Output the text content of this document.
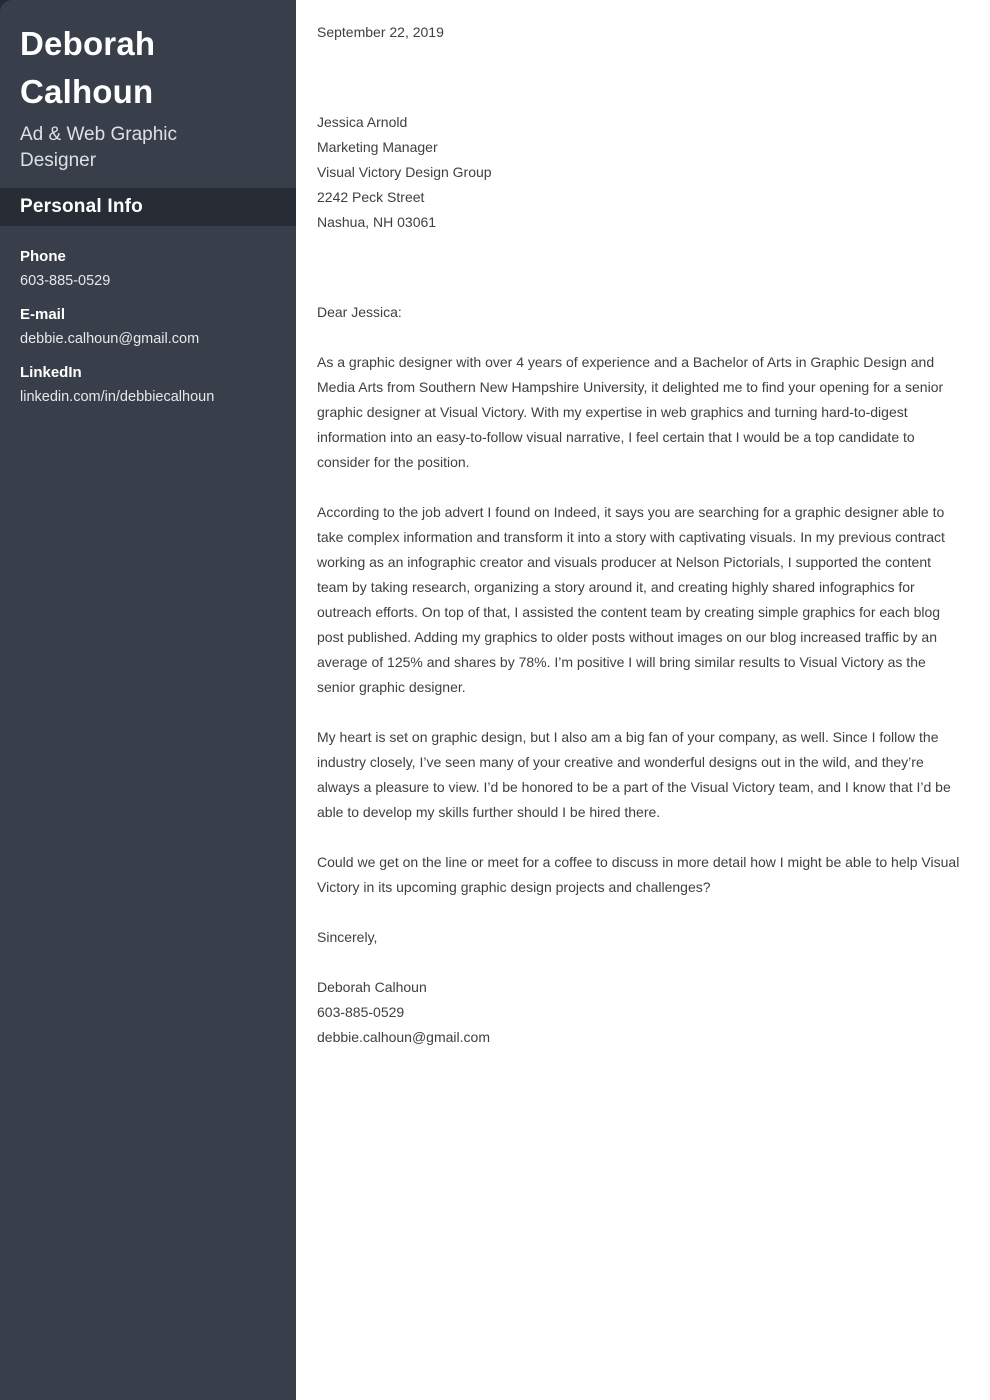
Deborah Calhoun
Ad & Web Graphic Designer
Personal Info
Phone
603-885-0529
E-mail
debbie.calhoun@gmail.com
LinkedIn
linkedin.com/in/debbiecalhoun
September 22, 2019
Jessica Arnold
Marketing Manager
Visual Victory Design Group
2242 Peck Street
Nashua, NH 03061
Dear Jessica:

As a graphic designer with over 4 years of experience and a Bachelor of Arts in Graphic Design and Media Arts from Southern New Hampshire University, it delighted me to find your opening for a senior graphic designer at Visual Victory. With my expertise in web graphics and turning hard-to-digest information into an easy-to-follow visual narrative, I feel certain that I would be a top candidate to consider for the position.

According to the job advert I found on Indeed, it says you are searching for a graphic designer able to take complex information and transform it into a story with captivating visuals. In my previous contract working as an infographic creator and visuals producer at Nelson Pictorials, I supported the content team by taking research, organizing a story around it, and creating highly shared infographics for outreach efforts. On top of that, I assisted the content team by creating simple graphics for each blog post published. Adding my graphics to older posts without images on our blog increased traffic by an average of 125% and shares by 78%. I’m positive I will bring similar results to Visual Victory as the senior graphic designer.

My heart is set on graphic design, but I also am a big fan of your company, as well. Since I follow the industry closely, I’ve seen many of your creative and wonderful designs out in the wild, and they’re always a pleasure to view. I’d be honored to be a part of the Visual Victory team, and I know that I’d be able to develop my skills further should I be hired there.

Could we get on the line or meet for a coffee to discuss in more detail how I might be able to help Visual Victory in its upcoming graphic design projects and challenges?

Sincerely,
Deborah Calhoun
603-885-0529
debbie.calhoun@gmail.com
